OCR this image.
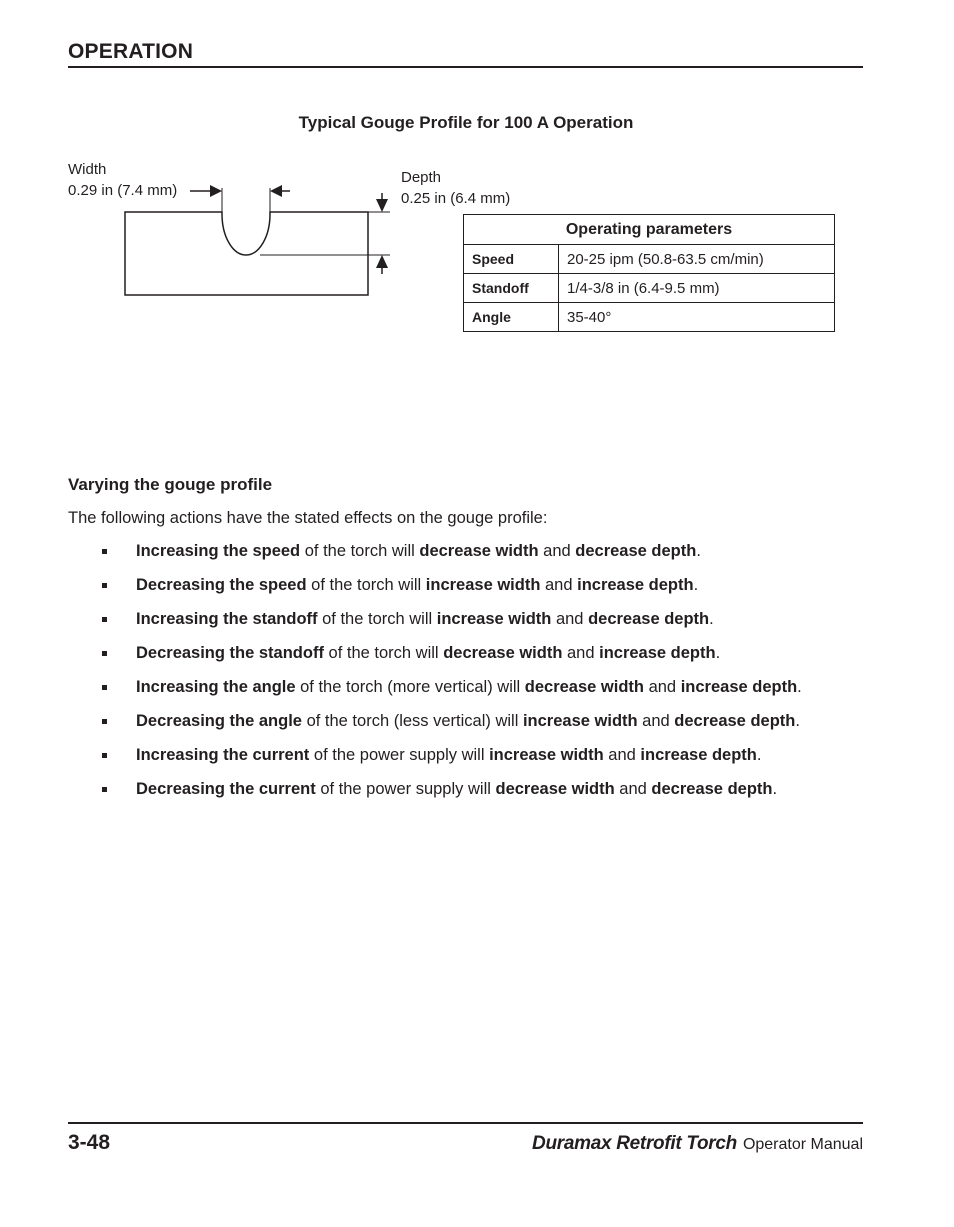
OPERATION
Typical Gouge Profile for 100 A Operation
Width
0.29 in (7.4 mm)
Depth
0.25 in (6.4 mm)
Operating parameters	
Speed	20-25 ipm (50.8-63.5 cm/min)
Standoff	1/4-3/8 in (6.4-9.5 mm)
Angle	35-40°
Varying the gouge profile
The following actions have the stated effects on the gouge profile:
Increasing the speed of the torch will decrease width and decrease depth.
Decreasing the speed of the torch will increase width and increase depth.
Increasing the standoff of the torch will increase width and decrease depth.
Decreasing the standoff of the torch will decrease width and increase depth.
Increasing the angle of the torch (more vertical) will decrease width and increase depth.
Decreasing the angle of the torch (less vertical) will increase width and decrease depth.
Increasing the current of the power supply will increase width and increase depth.
Decreasing the current of the power supply will decrease width and decrease depth.
3-48	Duramax Retrofit Torch Operator Manual
